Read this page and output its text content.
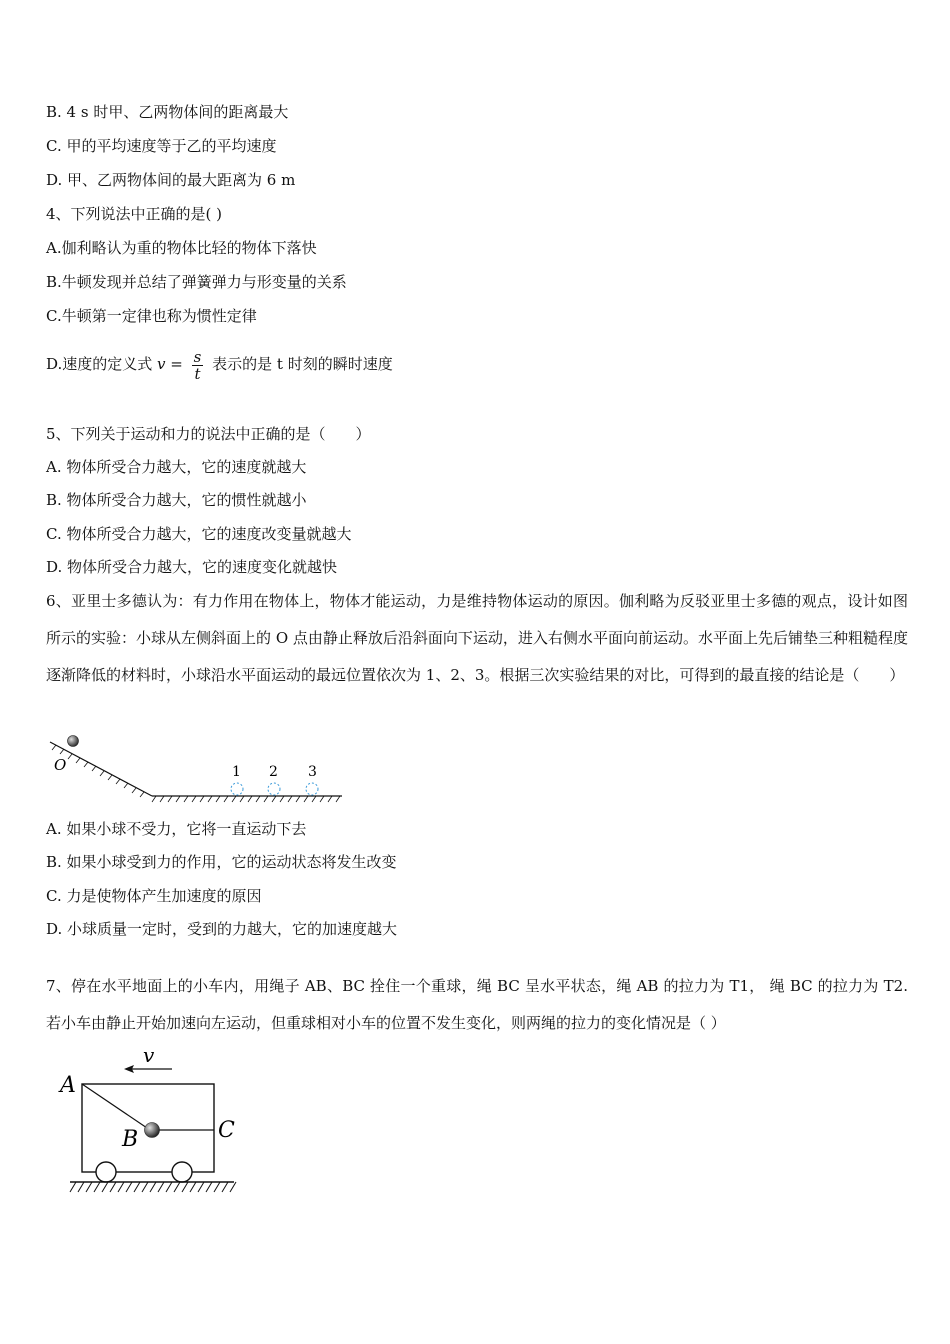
B. 4 s 时甲、乙两物体间的距离最大
C. 甲的平均速度等于乙的平均速度
D. 甲、乙两物体间的最大距离为 6 m
4、下列说法中正确的是( )
A.伽利略认为重的物体比轻的物体下落快
B.牛顿发现并总结了弹簧弹力与形变量的关系
C.牛顿第一定律也称为惯性定律
D.速度的定义式 $v = \frac{s}{t}$ 表示的是 t 时刻的瞬时速度
5、下列关于运动和力的说法中正确的是（　　）
A. 物体所受合力越大，它的速度就越大
B. 物体所受合力越大，它的惯性就越小
C. 物体所受合力越大，它的速度改变量就越大
D. 物体所受合力越大，它的速度变化就越快
6、亚里士多德认为：有力作用在物体上，物体才能运动，力是维持物体运动的原因。伽利略为反驳亚里士多德的观点，设计如图所示的实验：小球从左侧斜面上的 O 点由静止释放后沿斜面向下运动，进入右侧水平面向前运动。水平面上先后铺垫三种粗糙程度逐渐降低的材料时，小球沿水平面运动的最远位置依次为 1、2、3。根据三次实验结果的对比，可得到的最直接的结论是（　　）
O	1 2 3
A. 如果小球不受力，它将一直运动下去
B. 如果小球受到力的作用，它的运动状态将发生改变
C. 力是使物体产生加速度的原因
D. 小球质量一定时，受到的力越大，它的加速度越大
7、停在水平地面上的小车内，用绳子 AB、BC 拴住一个重球，绳 BC 呈水平状态，绳 AB 的拉力为 T1， 绳 BC 的拉力为 T2. 若小车由静止开始加速向左运动，但重球相对小车的位置不发生变化，则两绳的拉力的变化情况是（ ）
v
A
B	C
